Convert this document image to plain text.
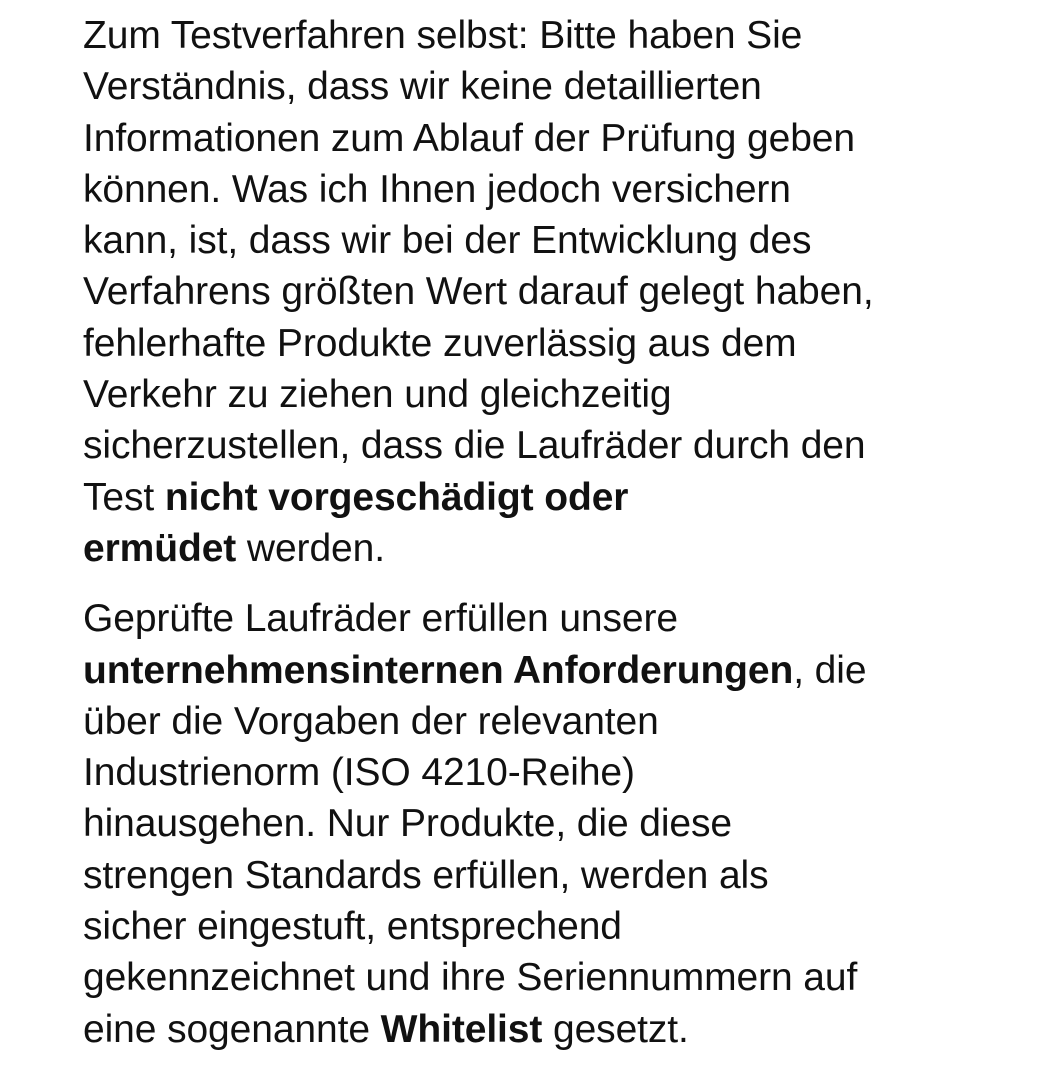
Zum Testverfahren selbst: Bitte haben Sie
Verständnis, dass wir keine detaillierten
Informationen zum Ablauf der Prüfung geben
können. Was ich Ihnen jedoch versichern
kann, ist, dass wir bei der Entwicklung des
Verfahrens größten Wert darauf gelegt haben,
fehlerhafte Produkte zuverlässig aus dem
Verkehr zu ziehen und gleichzeitig
sicherzustellen, dass die Laufräder durch den
Test nicht vorgeschädigt oder
ermüdet werden.
Geprüfte Laufräder erfüllen unsere
unternehmensinternen Anforderungen, die
über die Vorgaben der relevanten
Industrienorm (ISO 4210-Reihe)
hinausgehen. Nur Produkte, die diese
strengen Standards erfüllen, werden als
sicher eingestuft, entsprechend
gekennzeichnet und ihre Seriennummern auf
eine sogenannte Whitelist gesetzt.
